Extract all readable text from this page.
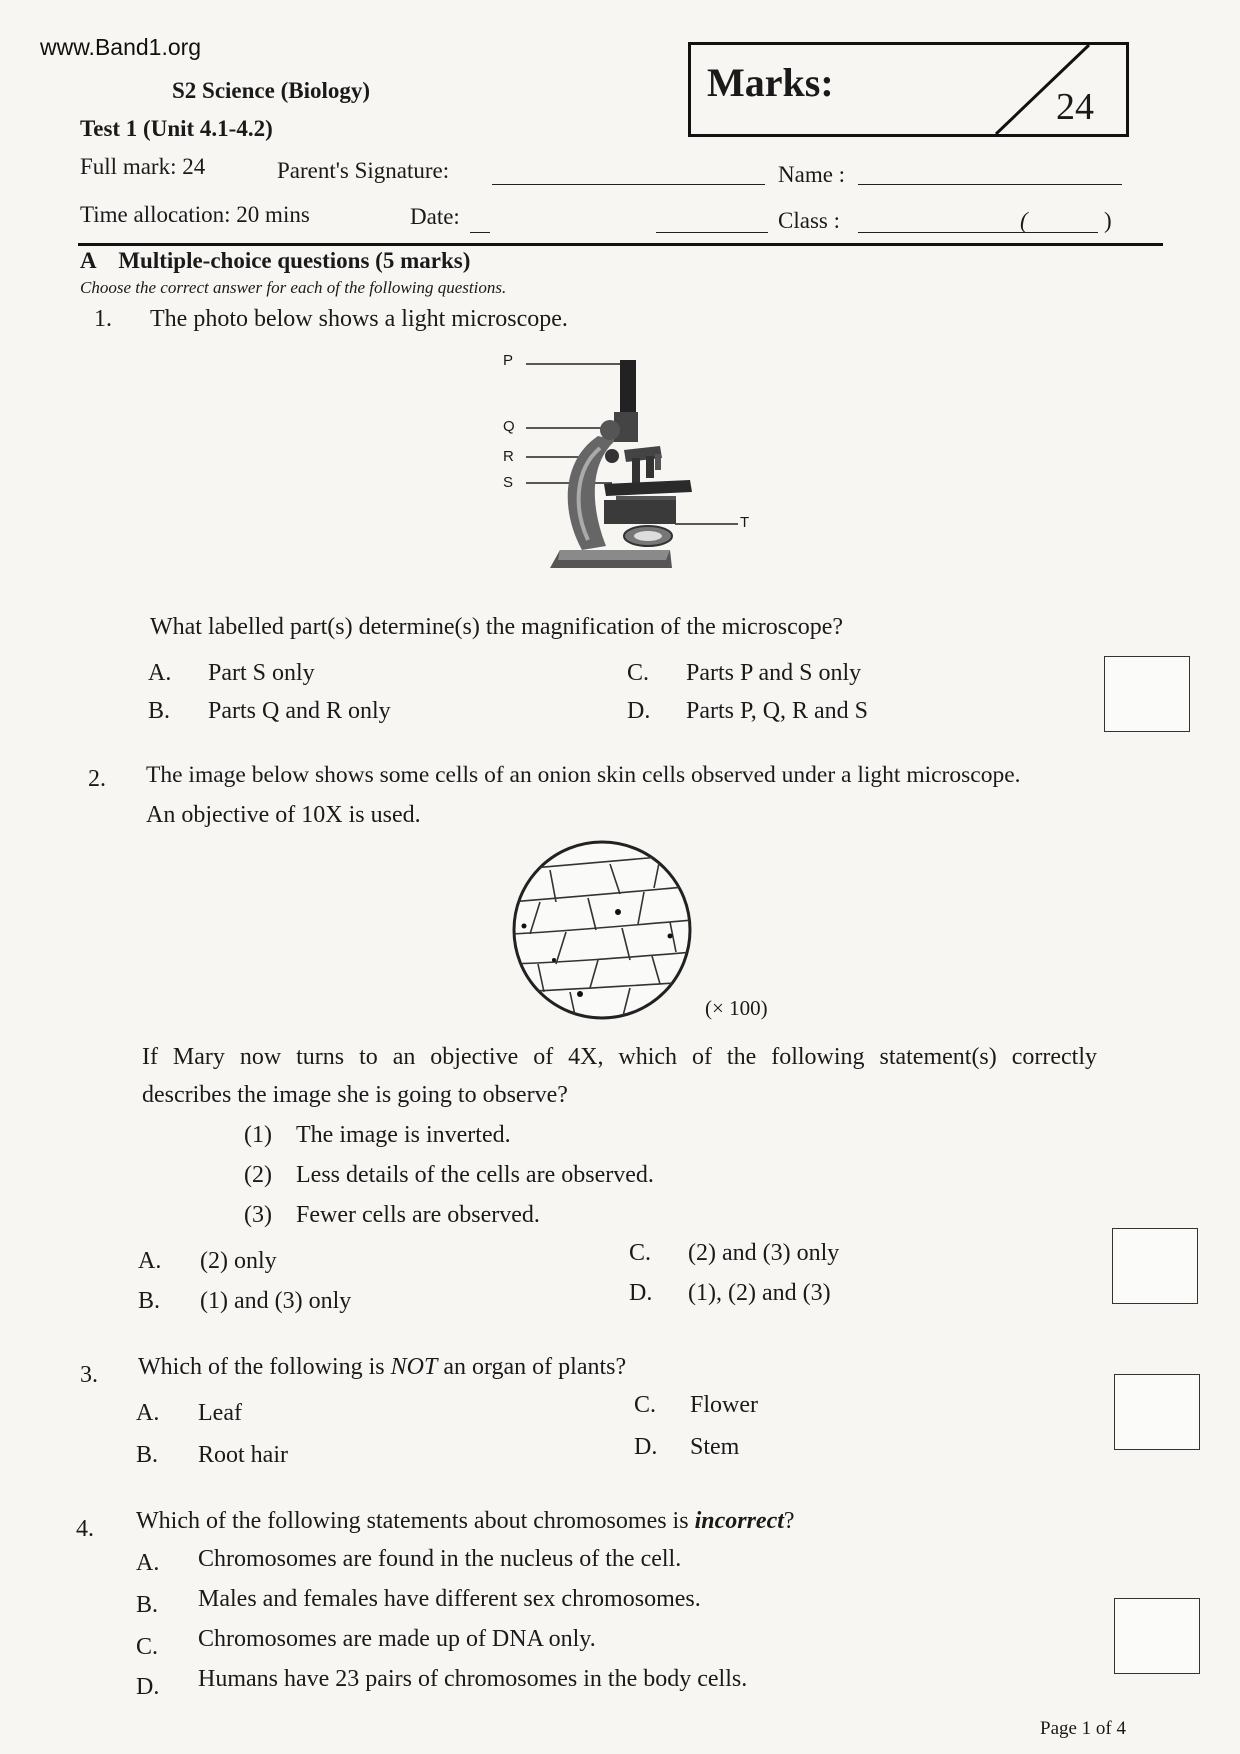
www.Band1.org
S2 Science (Biology)
Test 1 (Unit 4.1-4.2)
Full mark: 24
Time allocation: 20 mins
Parent's Signature:
Date:
Name :
Class :	(	)
Marks:
24
A    Multiple-choice questions (5 marks)
Choose the correct answer for each of the following questions.
1. The photo below shows a light microscope.
P
Q
R
S
T
What labelled part(s) determine(s) the magnification of the microscope?
A. Part S only
B. Parts Q and R only
C. Parts P and S only
D. Parts P, Q, R and S
2. The image below shows some cells of an onion skin cells observed under a light microscope.
An objective of 10X is used.
(× 100)
If Mary now turns to an objective of 4X, which of the following statement(s) correctly
describes the image she is going to observe?
(1) The image is inverted.
(2) Less details of the cells are observed.
(3) Fewer cells are observed.
A. (2) only
B. (1) and (3) only
C. (2) and (3) only
D. (1), (2) and (3)
3. Which of the following is NOT an organ of plants?
A. Leaf
B. Root hair
C. Flower
D. Stem
4. Which of the following statements about chromosomes is incorrect?
A. Chromosomes are found in the nucleus of the cell.
B. Males and females have different sex chromosomes.
C. Chromosomes are made up of DNA only.
D. Humans have 23 pairs of chromosomes in the body cells.
Page 1 of 4
